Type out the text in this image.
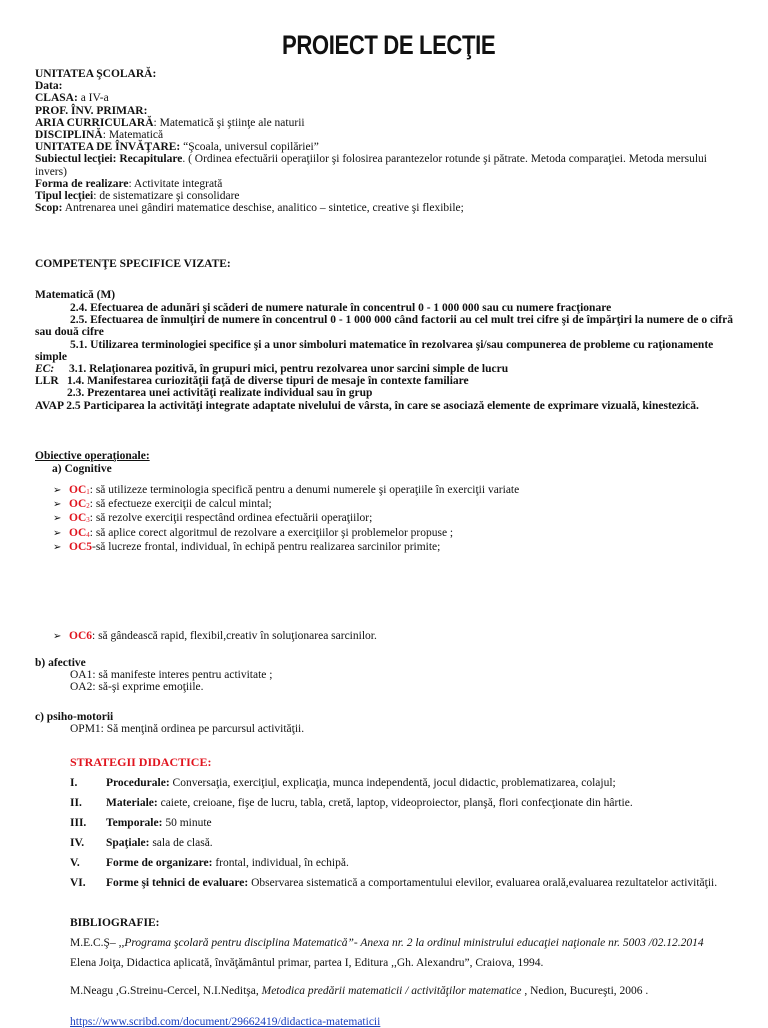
PROIECT DE LECŢIE
UNITATEA ŞCOLARĂ:
Data:
CLASA: a IV-a
PROF. ÎNV. PRIMAR:
ARIA CURRICULARĂ: Matematică şi ştiinţe ale naturii
DISCIPLINĂ: Matematică
UNITATEA DE ÎNVĂŢARE: “Şcoala, universul copilăriei”
Subiectul lecţiei: Recapitulare. ( Ordinea efectuării operaţiilor şi folosirea parantezelor rotunde şi pătrate. Metoda comparaţiei. Metoda mersului invers)
Forma de realizare: Activitate integrată
Tipul lecţiei: de sistematizare şi consolidare
Scop: Antrenarea unei gândiri matematice deschise, analitico – sintetice, creative şi flexibile;
COMPETENŢE SPECIFICE VIZATE:
Matematică (M)
2.4. Efectuarea de adunări şi scăderi de numere naturale în concentrul 0 - 1 000 000 sau cu numere fracţionare
2.5. Efectuarea de înmulţiri de numere în concentrul 0 - 1 000 000 când factorii au cel mult trei cifre şi de împărţiri la numere de o cifră sau două cifre
5.1. Utilizarea terminologiei specifice şi a unor simboluri matematice în rezolvarea şi/sau compunerea de probleme cu raţionamente simple
EC: 3.1. Relaţionarea pozitivă, în grupuri mici, pentru rezolvarea unor sarcini simple de lucru
LLR 1.4. Manifestarea curiozităţii faţă de diverse tipuri de mesaje în contexte familiare
2.3. Prezentarea unei activităţi realizate individual sau în grup
AVAP 2.5 Participarea la activităţi integrate adaptate nivelului de vârsta, în care se asociază elemente de exprimare vizuală, kinestezică.
Obiective operaţionale:
a) Cognitive
➢ OC1: să utilizeze terminologia specifică pentru a denumi numerele şi operaţiile în exerciţii variate
➢ OC2: să efectueze exerciţii de calcul mintal;
➢ OC3: să rezolve exerciţii respectând ordinea efectuării operaţiilor;
➢ OC4: să aplice corect algoritmul de rezolvare a exerciţiilor şi problemelor propuse ;
➢ OC5-să lucreze frontal, individual, în echipă pentru realizarea sarcinilor primite;
➢ OC6: să gândească rapid, flexibil,creativ în soluţionarea sarcinilor.
b) afective
OA1: să manifeste interes pentru activitate ;
OA2: să-şi exprime emoţiile.
c) psiho-motorii
OPM1: Să menţină ordinea pe parcursul activităţii.
STRATEGII DIDACTICE:
I. Procedurale: Conversaţia, exerciţiul, explicaţia, munca independentă, jocul didactic, problematizarea, colajul;
II. Materiale: caiete, creioane, fişe de lucru, tabla, cretă, laptop, videoproiector, planşă, flori confecţionate din hârtie.
III. Temporale: 50 minute
IV. Spaţiale: sala de clasă.
V. Forme de organizare: frontal, individual, în echipă.
VI. Forme şi tehnici de evaluare: Observarea sistematică a comportamentului elevilor, evaluarea orală,evaluarea rezultatelor activităţii.
BIBLIOGRAFIE:
M.E.C.Ş– ,,Programa şcolară pentru disciplina Matematică”- Anexa nr. 2 la ordinul ministrului educaţiei naţionale nr. 5003 /02.12.2014
Elena Joiţa, Didactica aplicată, învăţământul primar, partea I, Editura ,,Gh. Alexandru”, Craiova, 1994.
M.Neagu ,G.Streinu-Cercel, N.I.Neditşa, Metodica predării matematicii / activităţilor matematice , Nedion, Bucureşti, 2006 .
https://www.scribd.com/document/29662419/didactica-matematicii
